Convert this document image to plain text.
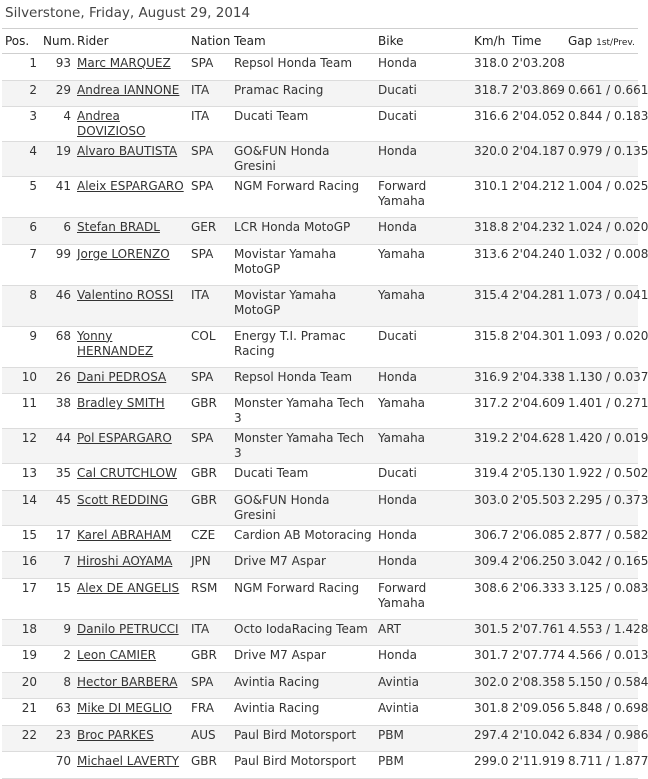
Silverstone, Friday, August 29, 2014
Pos.	Num.	Rider	Nation	Team	Bike	Km/h	Time	Gap 1st/Prev.
1	93	Marc MARQUEZ	SPA	Repsol Honda Team	Honda	318.0	2'03.208	
2	29	Andrea IANNONE	ITA	Pramac Racing	Ducati	318.7	2'03.869	0.661 / 0.661
3	4	Andrea DOVIZIOSO	ITA	Ducati Team	Ducati	316.6	2'04.052	0.844 / 0.183
4	19	Alvaro BAUTISTA	SPA	GO&FUN Honda Gresini	Honda	320.0	2'04.187	0.979 / 0.135
5	41	Aleix ESPARGARO	SPA	NGM Forward Racing	Forward Yamaha	310.1	2'04.212	1.004 / 0.025
6	6	Stefan BRADL	GER	LCR Honda MotoGP	Honda	318.8	2'04.232	1.024 / 0.020
7	99	Jorge LORENZO	SPA	Movistar Yamaha MotoGP	Yamaha	313.6	2'04.240	1.032 / 0.008
8	46	Valentino ROSSI	ITA	Movistar Yamaha MotoGP	Yamaha	315.4	2'04.281	1.073 / 0.041
9	68	Yonny HERNANDEZ	COL	Energy T.I. Pramac Racing	Ducati	315.8	2'04.301	1.093 / 0.020
10	26	Dani PEDROSA	SPA	Repsol Honda Team	Honda	316.9	2'04.338	1.130 / 0.037
11	38	Bradley SMITH	GBR	Monster Yamaha Tech 3	Yamaha	317.2	2'04.609	1.401 / 0.271
12	44	Pol ESPARGARO	SPA	Monster Yamaha Tech 3	Yamaha	319.2	2'04.628	1.420 / 0.019
13	35	Cal CRUTCHLOW	GBR	Ducati Team	Ducati	319.4	2'05.130	1.922 / 0.502
14	45	Scott REDDING	GBR	GO&FUN Honda Gresini	Honda	303.0	2'05.503	2.295 / 0.373
15	17	Karel ABRAHAM	CZE	Cardion AB Motoracing	Honda	306.7	2'06.085	2.877 / 0.582
16	7	Hiroshi AOYAMA	JPN	Drive M7 Aspar	Honda	309.4	2'06.250	3.042 / 0.165
17	15	Alex DE ANGELIS	RSM	NGM Forward Racing	Forward Yamaha	308.6	2'06.333	3.125 / 0.083
18	9	Danilo PETRUCCI	ITA	Octo IodaRacing Team	ART	301.5	2'07.761	4.553 / 1.428
19	2	Leon CAMIER	GBR	Drive M7 Aspar	Honda	301.7	2'07.774	4.566 / 0.013
20	8	Hector BARBERA	SPA	Avintia Racing	Avintia	302.0	2'08.358	5.150 / 0.584
21	63	Mike DI MEGLIO	FRA	Avintia Racing	Avintia	301.8	2'09.056	5.848 / 0.698
22	23	Broc PARKES	AUS	Paul Bird Motorsport	PBM	297.4	2'10.042	6.834 / 0.986
	70	Michael LAVERTY	GBR	Paul Bird Motorsport	PBM	299.0	2'11.919	8.711 / 1.877
